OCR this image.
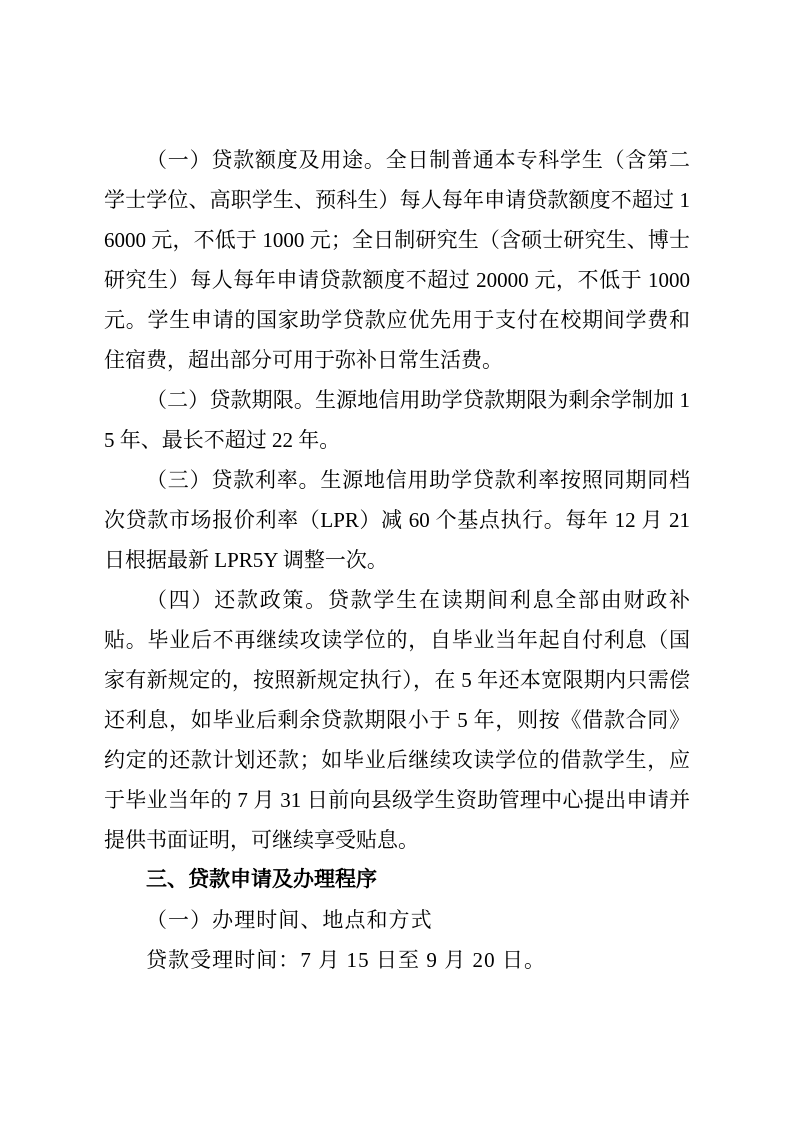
（一）贷款额度及用途。全日制普通本专科学生（含第二学士学位、高职学生、预科生）每人每年申请贷款额度不超过 16000 元，不低于 1000 元；全日制研究生（含硕士研究生、博士研究生）每人每年申请贷款额度不超过 20000 元，不低于 1000 元。学生申请的国家助学贷款应优先用于支付在校期间学费和住宿费，超出部分可用于弥补日常生活费。

（二）贷款期限。生源地信用助学贷款期限为剩余学制加 15 年、最长不超过 22 年。

（三）贷款利率。生源地信用助学贷款利率按照同期同档次贷款市场报价利率（LPR）减 60 个基点执行。每年 12 月 21 日根据最新 LPR5Y 调整一次。

（四）还款政策。贷款学生在读期间利息全部由财政补贴。毕业后不再继续攻读学位的，自毕业当年起自付利息（国家有新规定的，按照新规定执行），在 5 年还本宽限期内只需偿还利息，如毕业后剩余贷款期限小于 5 年，则按《借款合同》约定的还款计划还款；如毕业后继续攻读学位的借款学生，应于毕业当年的 7 月 31 日前向县级学生资助管理中心提出申请并提供书面证明，可继续享受贴息。

三、贷款申请及办理程序

（一）办理时间、地点和方式

贷款受理时间：7 月 15 日至 9 月 20 日。
